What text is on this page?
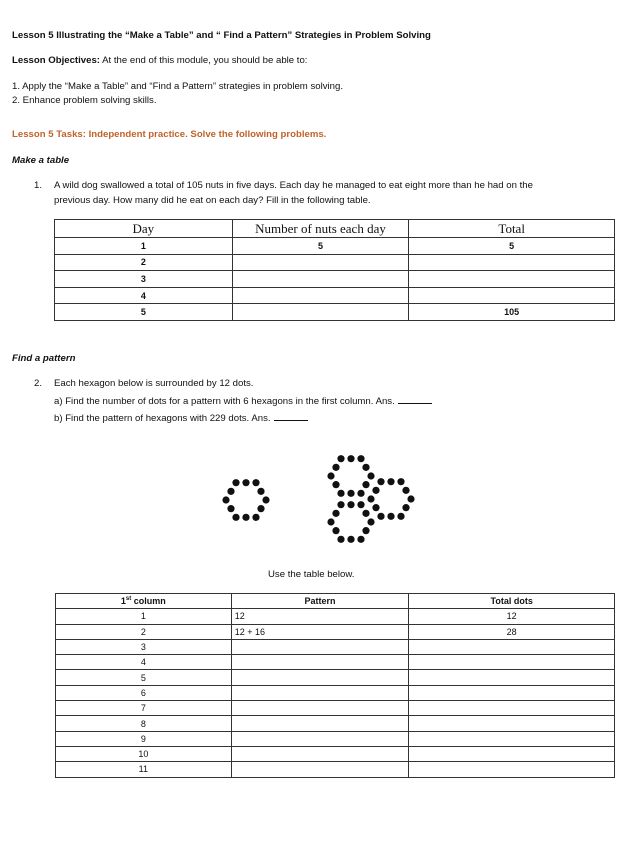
Lesson 5 Illustrating the “Make a Table” and “ Find a Pattern” Strategies in Problem Solving
Lesson Objectives: At the end of this module, you should be able to:
1. Apply the “Make a Table” and “Find a Pattern” strategies in problem solving.
2. Enhance problem solving skills.
Lesson 5 Tasks: Independent practice. Solve the following problems.
Make a table
1. A wild dog swallowed a total of 105 nuts in five days. Each day he managed to eat eight more than he had on the
previous day. How many did he eat on each day? Fill in the following table.
Day	Number of nuts each day	Total
1	5	5
2		
3		
4		
5		105
Find a pattern
2. Each hexagon below is surrounded by 12 dots.
a) Find the number of dots for a pattern with 6 hexagons in the first column. Ans.
b) Find the pattern of hexagons with 229 dots. Ans.
Use the table below.
1st column	Pattern	Total dots
1	12	12
2	12 + 16	28
3		
4		
5		
6		
7		
8		
9		
10		
11		
